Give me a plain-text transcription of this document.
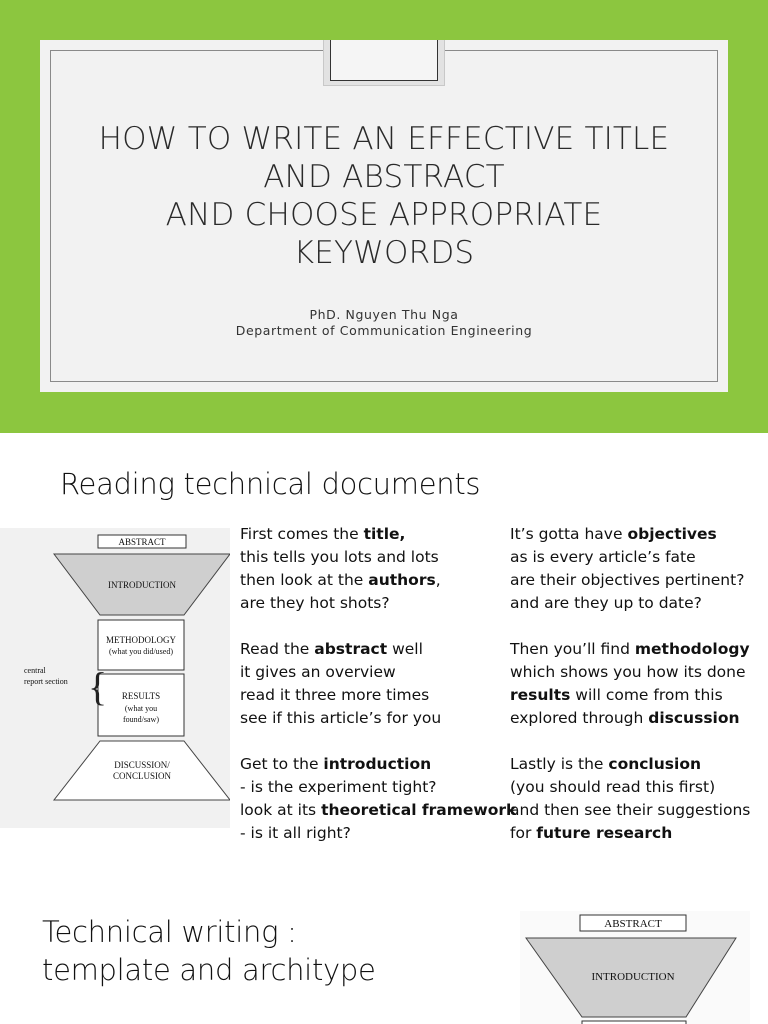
HOW TO WRITE AN EFFECTIVE TITLE
AND ABSTRACT
AND CHOOSE APPROPRIATE
KEYWORDS
PhD. Nguyen Thu Nga
Department of Communication Engineering
Reading technical documents
ABSTRACT
INTRODUCTION
METHODOLOGY
(what you did/used)
RESULTS
(what you
found/saw)
{
central
report section
DISCUSSION/
CONCLUSION
First comes the title,
this tells you lots and lots
then look at the authors,
are they hot shots?
Read the abstract well
it gives an overview
read it three more times
see if this article’s for you
Get to the introduction
- is the experiment tight?
look at its theoretical framework
- is it all right?
It’s gotta have objectives
as is every article’s fate
are their objectives pertinent?
and are they up to date?
Then you’ll find methodology
which shows you how its done
results will come from this
explored through discussion
Lastly is the conclusion
(you should read this first)
and then see their suggestions
for future research
Technical writing :
template and architype
ABSTRACT
INTRODUCTION
